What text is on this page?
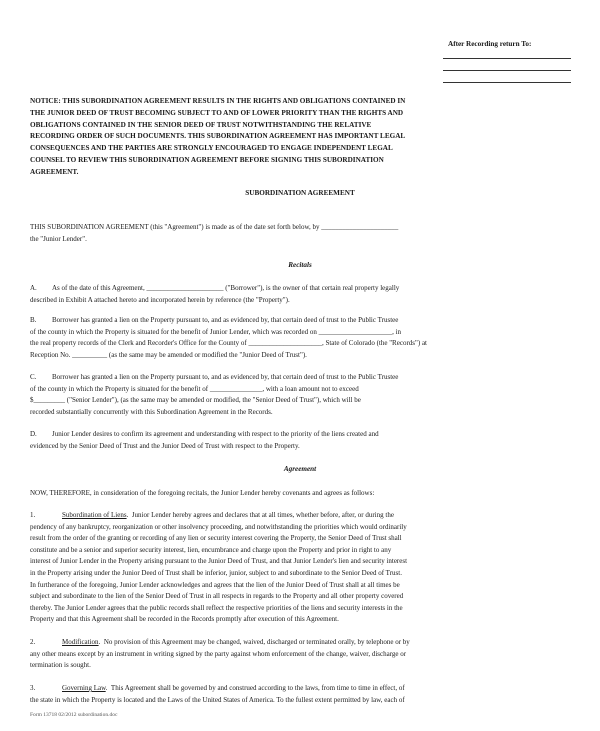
After Recording return To:

NOTICE: THIS SUBORDINATION AGREEMENT RESULTS IN THE RIGHTS AND OBLIGATIONS CONTAINED IN
THE JUNIOR DEED OF TRUST BECOMING SUBJECT TO AND OF LOWER PRIORITY THAN THE RIGHTS AND
OBLIGATIONS CONTAINED IN THE SENIOR DEED OF TRUST NOTWITHSTANDING THE RELATIVE
RECORDING ORDER OF SUCH DOCUMENTS. THIS SUBORDINATION AGREEMENT HAS IMPORTANT LEGAL
CONSEQUENCES AND THE PARTIES ARE STRONGLY ENCOURAGED TO ENGAGE INDEPENDENT LEGAL
COUNSEL TO REVIEW THIS SUBORDINATION AGREEMENT BEFORE SIGNING THIS SUBORDINATION
AGREEMENT.

SUBORDINATION AGREEMENT

THIS SUBORDINATION AGREEMENT (this "Agreement") is made as of the date set forth below, by ______________________
the "Junior Lender".

Recitals

A. As of the date of this Agreement, ______________________ ("Borrower"), is the owner of that certain real property legally
described in Exhibit A attached hereto and incorporated herein by reference (the "Property").
B. Borrower has granted a lien on the Property pursuant to, and as evidenced by, that certain deed of trust to the Public Trustee
of the county in which the Property is situated for the benefit of Junior Lender, which was recorded on _____________________, in
the real property records of the Clerk and Recorder's Office for the County of _____________________, State of Colorado (the "Records") at
Reception No. __________ (as the same may be amended or modified the "Junior Deed of Trust").
C. Borrower has granted a lien on the Property pursuant to, and as evidenced by, that certain deed of trust to the Public Trustee
of the county in which the Property is situated for the benefit of _______________, with a loan amount not to exceed
$_________ ("Senior Lender"), (as the same may be amended or modified, the "Senior Deed of Trust"), which will be
recorded substantially concurrently with this Subordination Agreement in the Records.
D. Junior Lender desires to confirm its agreement and understanding with respect to the priority of the liens created and
evidenced by the Senior Deed of Trust and the Junior Deed of Trust with respect to the Property.

Agreement

NOW, THEREFORE, in consideration of the foregoing recitals, the Junior Lender hereby covenants and agrees as follows:
1.	Subordination of Liens.  Junior Lender hereby agrees and declares that at all times, whether before, after, or during the
pendency of any bankruptcy, reorganization or other insolvency proceeding, and notwithstanding the priorities which would ordinarily
result from the order of the granting or recording of any lien or security interest covering the Property, the Senior Deed of Trust shall
constitute and be a senior and superior security interest, lien, encumbrance and charge upon the Property and prior in right to any
interest of Junior Lender in the Property arising pursuant to the Junior Deed of Trust, and that Junior Lender's lien and security interest
in the Property arising under the Junior Deed of Trust shall be inferior, junior, subject to and subordinate to the Senior Deed of Trust.
In furtherance of the foregoing, Junior Lender acknowledges and agrees that the lien of the Junior Deed of Trust shall at all times be
subject and subordinate to the lien of the Senior Deed of Trust in all respects in regards to the Property and all other property covered
thereby. The Junior Lender agrees that the public records shall reflect the respective priorities of the liens and security interests in the
Property and that this Agreement shall be recorded in the Records promptly after execution of this Agreement.
2.	Modification.  No provision of this Agreement may be changed, waived, discharged or terminated orally, by telephone or by
any other means except by an instrument in writing signed by the party against whom enforcement of the change, waiver, discharge or
termination is sought.
3.	Governing Law.  This Agreement shall be governed by and construed according to the laws, from time to time in effect, of
the state in which the Property is located and the Laws of the United States of America. To the fullest extent permitted by law, each of

Form 13718 02/2012 subordination.doc
